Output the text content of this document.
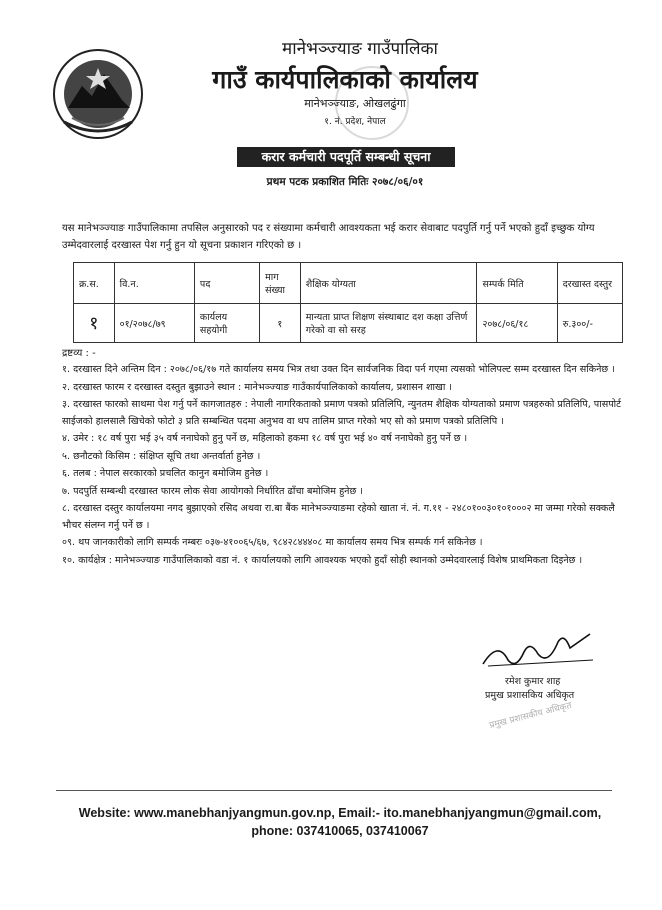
मानेभञ्ज्याङ गाउँपालिका
गाउँ कार्यपालिकाको कार्यालय
मानेभञ्ज्याङ, ओखलढुंगा
१. नं. प्रदेश, नेपाल
करार कर्मचारी पदपूर्ति सम्बन्धी सूचना
प्रथम पटक प्रकाशित मितिः २०७८/०६/०१
यस मानेभञ्ज्याङ गाउँपालिकामा तपसिल अनुसारको पद र संख्यामा कर्मचारी आवश्यकता भई करार सेवाबाट पदपुर्ति गर्नु पर्ने भएको हुदाँ इच्छुक योग्य उम्मेदवारलाई दरखास्त पेश गर्नु हुन यो सूचना प्रकाशन गरिएको छ ।
क्र.स.	वि.न.	पद	माग संख्या	शैक्षिक योग्यता	सम्पर्क मिति	दरखास्त दस्तुर
१	०१/२०७८/७९	कार्यलय सहयोगी	१	मान्यता प्राप्त शिक्षण संस्थाबाट दश कक्षा उत्तिर्ण गरेको वा सो सरह	२०७८/०६/१८	रु.३००/-
द्रष्टव्य : -
१. दरखास्त दिने अन्तिम दिन : २०७८/०६/१७ गते कार्यालय समय भित्र तथा उक्त दिन सार्वजनिक विदा पर्न गएमा त्यसको भोलिपल्ट सम्म दरखास्त दिन सकिनेछ ।
२. दरखास्त फारम र दरखास्त दस्तुत बुझाउने स्थान : मानेभञ्ज्याङ गाउँकार्यपालिकाको कार्यालय, प्रशासन शाखा ।
३. दरखास्त फारको साथमा पेश गर्नु पर्ने कागजातहरु : नेपाली नागरिकताको प्रमाण पत्रको प्रतिलिपि, न्युनतम शैक्षिक योग्यताको प्रमाण पत्रहरुको प्रतिलिपि, पासपोर्ट साईजको हालसालै खिचेको फोटो ३ प्रति सम्बन्धित पदमा अनुभव वा थप तालिम प्राप्त गरेको भए सो को प्रमाण पत्रको प्रतिलिपि ।
४. उमेर : १८ वर्ष पुरा भई ३५ वर्ष ननाघेको हुनु पर्ने छ, महिलाको हकमा १८ वर्ष पुरा भई ४० वर्ष ननाघेको हुनु पर्ने छ ।
५. छनौटको किसिम : संक्षिप्त सूचि तथा अन्तर्वार्ता हुनेछ ।
६. तलब : नेपाल सरकारको प्रचलित कानुन बमोजिम हुनेछ ।
७. पदपुर्ति सम्बन्धी दरखास्त फारम लोक सेवा आयोगको निर्धारित ढाँचा बमोजिम हुनेछ ।
८. दरखास्त दस्तुर कार्यालयमा नगद बुझाएको रसिद अथवा रा.बा बैंक मानेभञ्ज्याङमा रहेको खाता नं. नं. ग.११ - २४८०१००३०१०१०००२ मा जम्मा गरेको सक्कलै भौचर संलग्न गर्नु पर्ने छ ।
०९. थप जानकारीको लागि सम्पर्क नम्बरः ०३७-४१००६५/६७, ९८४२८४४४०८ मा कार्यालय समय भित्र सम्पर्क गर्न सकिनेछ ।
१०. कार्यक्षेत्र : मानेभञ्ज्याङ गाउँपालिकाको वडा नं. १ कार्यालयको लागि आवश्यक भएको हुदाँ सोही स्थानको उम्मेदवारलाई विशेष प्राथमिकता दिइनेछ ।
रमेश कुमार शाह
प्रमुख प्रशासकिय अधिकृत
प्रमुख प्रशासकीय अधिकृत
Website: www.manebhanjyangmun.gov.np, Email:- ito.manebhanjyangmun@gmail.com,
phone: 037410065, 037410067
